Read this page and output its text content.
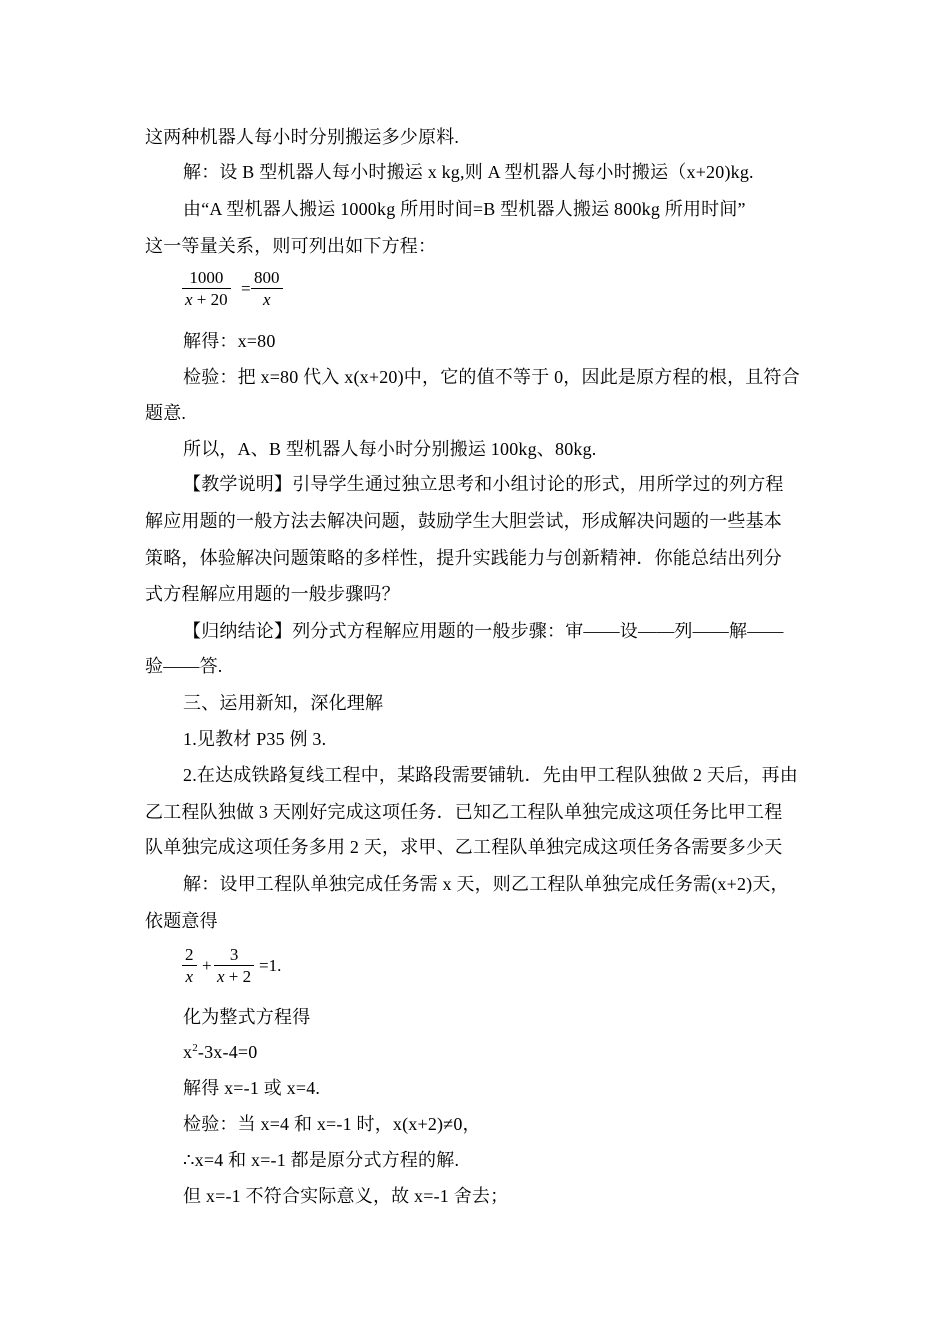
这两种机器人每小时分别搬运多少原料.
解：设 B 型机器人每小时搬运 x kg,则 A 型机器人每小时搬运（x+20)kg.
由“A 型机器人搬运 1000kg 所用时间=B 型机器人搬运 800kg 所用时间”
这一等量关系，则可列出如下方程：
1000
x + 20
=
800
x
解得：x=80
检验：把 x=80 代入 x(x+20)中，它的值不等于 0，因此是原方程的根，且符合
题意.
所以，A、B 型机器人每小时分别搬运 100kg、80kg.
【教学说明】引导学生通过独立思考和小组讨论的形式，用所学过的列方程
解应用题的一般方法去解决问题，鼓励学生大胆尝试，形成解决问题的一些基本
策略，体验解决问题策略的多样性，提升实践能力与创新精神．你能总结出列分
式方程解应用题的一般步骤吗？
【归纳结论】列分式方程解应用题的一般步骤：审——设——列——解——
验——答.
三、运用新知，深化理解
1.见教材 P35 例 3.
2.在达成铁路复线工程中，某路段需要铺轨．先由甲工程队独做 2 天后，再由
乙工程队独做 3 天刚好完成这项任务．已知乙工程队单独完成这项任务比甲工程
队单独完成这项任务多用 2 天，求甲、乙工程队单独完成这项任务各需要多少天
解：设甲工程队单独完成任务需 x 天，则乙工程队单独完成任务需(x+2)天，
依题意得
2
x
+
3
x + 2
=1.
化为整式方程得
$x^2-3x-4=0$
解得 x=-1 或 x=4.
检验：当 x=4 和 x=-1 时，x(x+2)≠0，
∴x=4 和 x=-1 都是原分式方程的解.
但 x=-1 不符合实际意义，故 x=-1 舍去；
